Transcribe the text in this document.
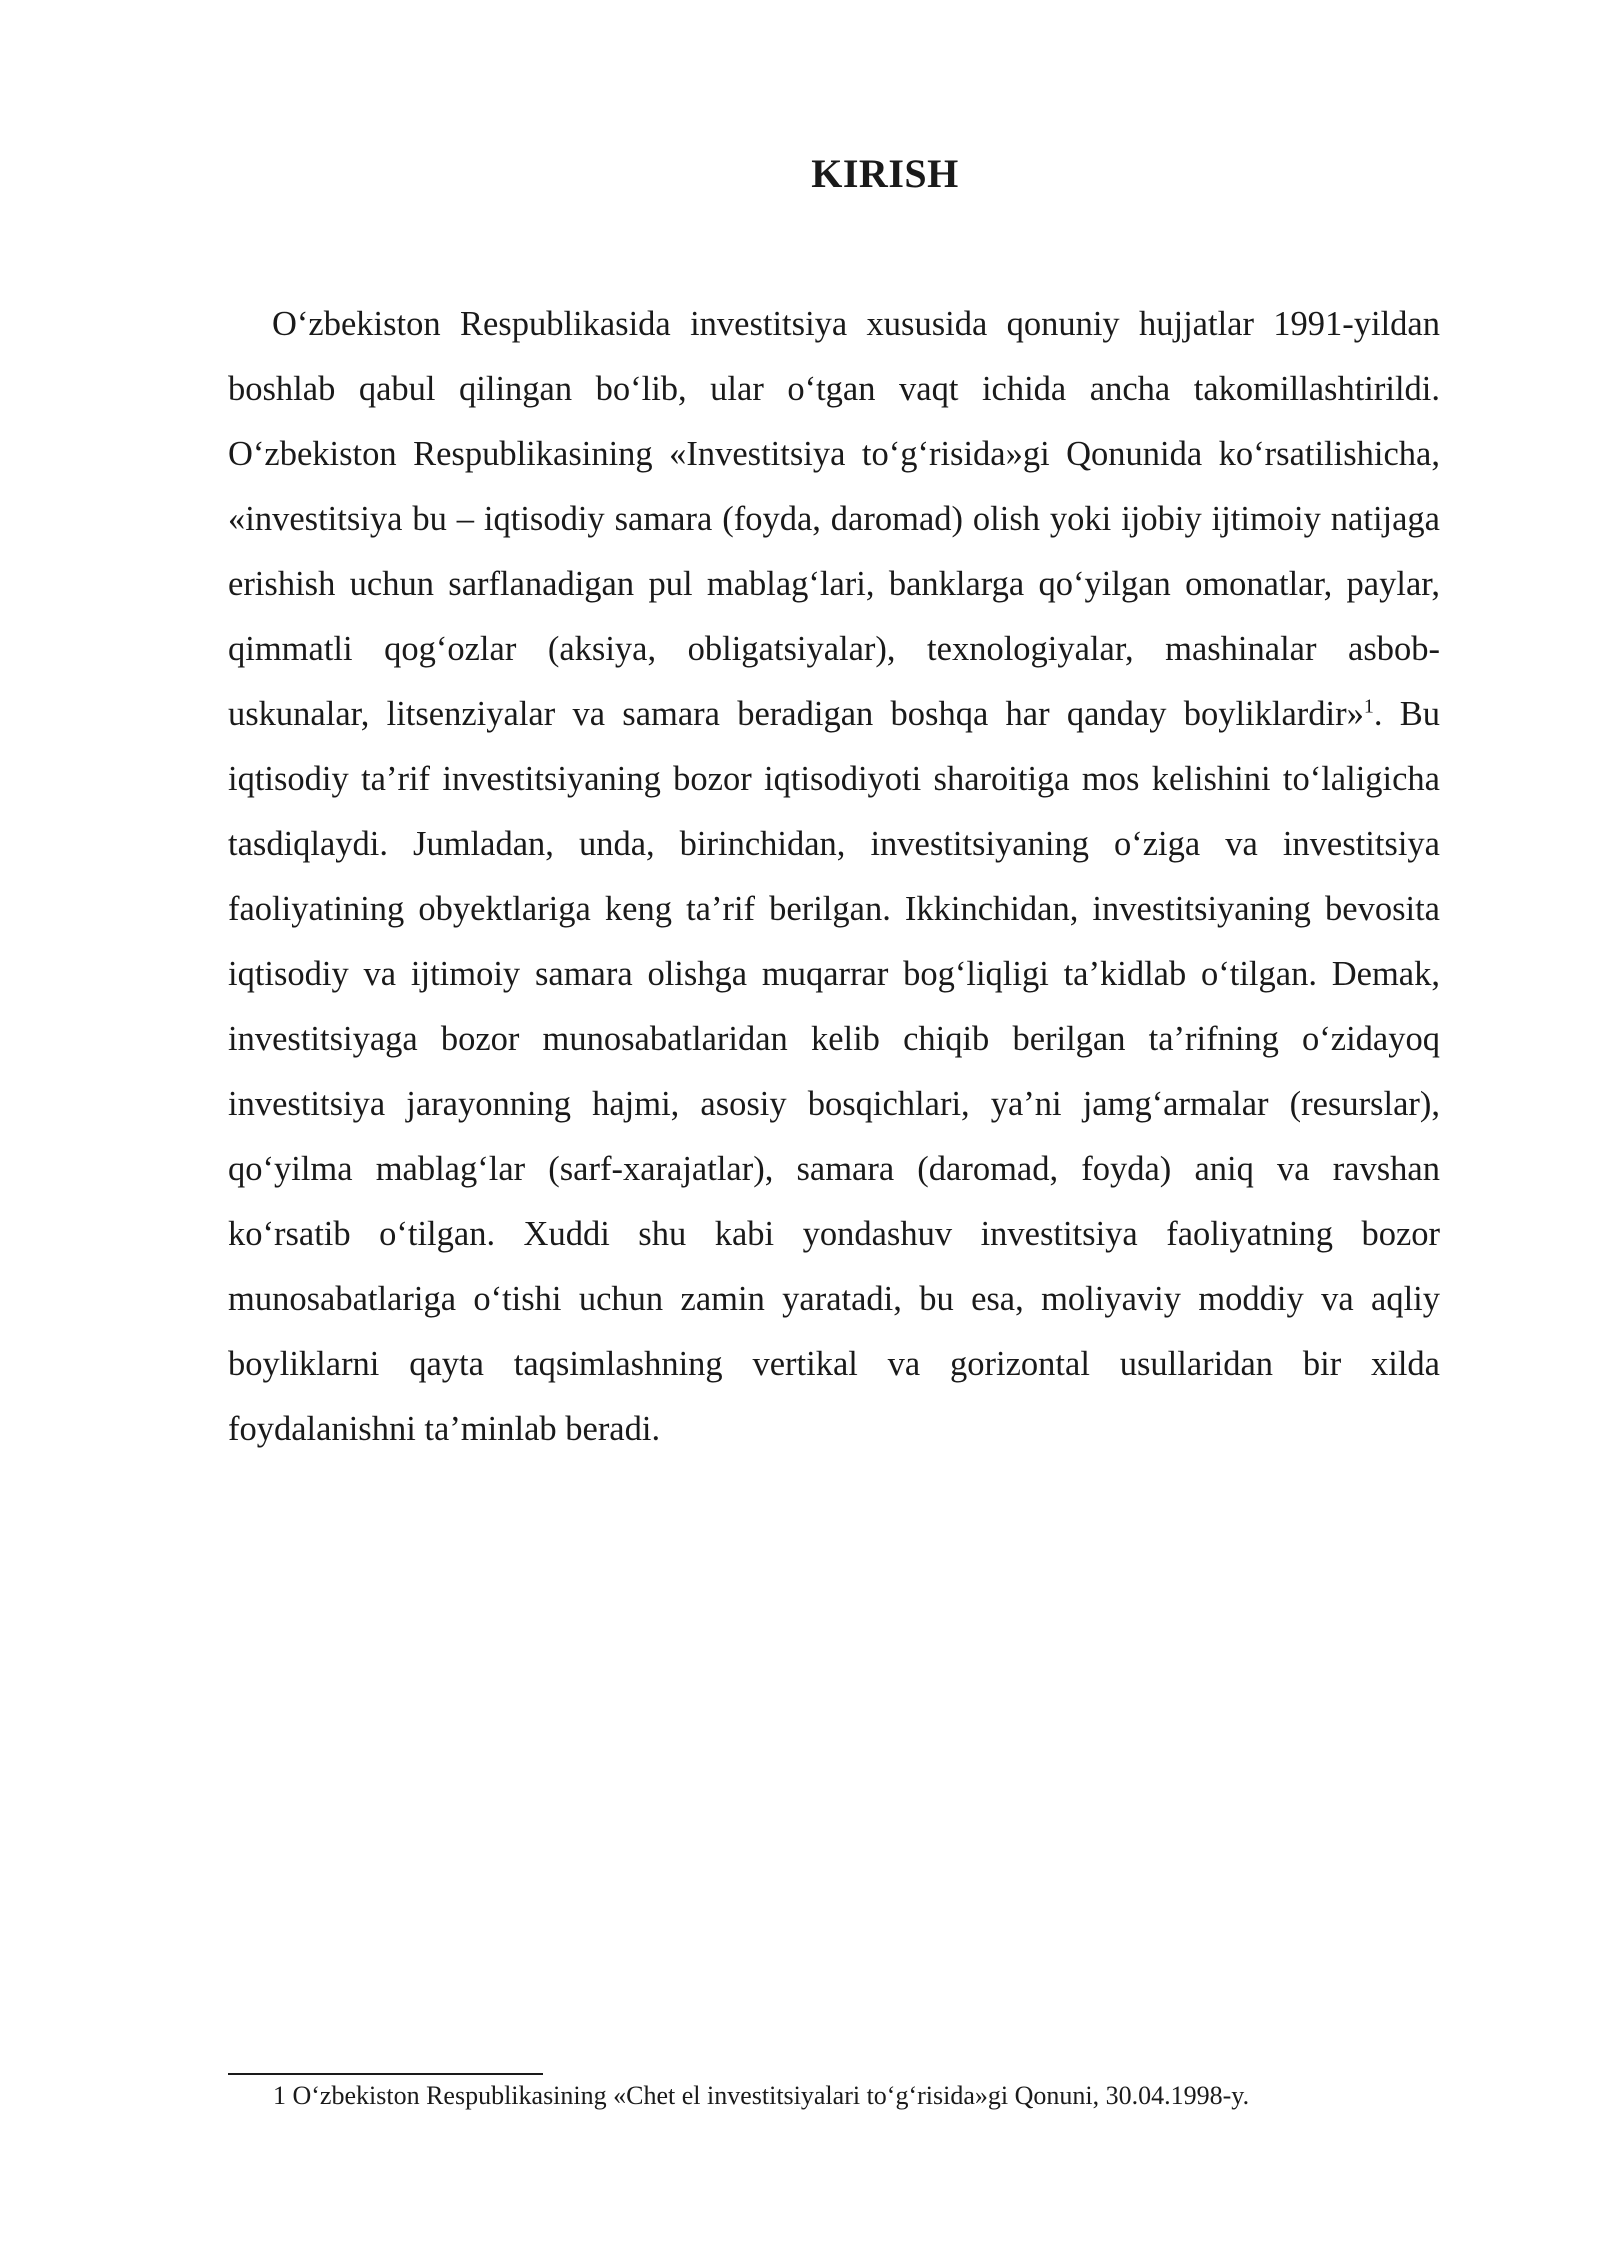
KIRISH

O‘zbekiston Respublikasida investitsiya xususida qonuniy hujjatlar 1991-yildan boshlab qabul qilingan bo‘lib, ular o‘tgan vaqt ichida ancha takomillashtirildi. O‘zbekiston Respublikasining «Investitsiya to‘g‘risida»gi Qonunida ko‘rsatilishicha, «investitsiya bu – iqtisodiy samara (foyda, daromad) olish yoki ijobiy ijtimoiy natijaga erishish uchun sarflanadigan pul mablag‘lari, banklarga qo‘yilgan omonatlar, paylar, qimmatli qog‘ozlar (aksiya, obligatsiyalar), texnologiyalar, mashinalar asbob-uskunalar, litsenziyalar va samara beradigan boshqa har qanday boyliklardir»$^1$. Bu iqtisodiy ta’rif investitsiyaning bozor iqtisodiyoti sharoitiga mos kelishini to‘laligicha tasdiqlaydi. Jumladan, unda, birinchidan, investitsiyaning o‘ziga va investitsiya faoliyatining obyektlariga keng ta’rif berilgan. Ikkinchidan, investitsiyaning bevosita iqtisodiy va ijtimoiy samara olishga muqarrar bog‘liqligi ta’kidlab o‘tilgan. Demak, investitsiyaga bozor munosabatlaridan kelib chiqib berilgan ta’rifning o‘zidayoq investitsiya jarayonning hajmi, asosiy bosqichlari, ya’ni jamg‘armalar (resurslar), qo‘yilma mablag‘lar (sarf-xarajatlar), samara (daromad, foyda) aniq va ravshan ko‘rsatib o‘tilgan. Xuddi shu kabi yondashuv investitsiya faoliyatning bozor munosabatlariga o‘tishi uchun zamin yaratadi, bu esa, moliyaviy moddiy va aqliy boyliklarni qayta taqsimlashning vertikal va gorizontal usullaridan bir xilda foydalanishni ta’minlab beradi.

1 O‘zbekiston Respublikasining «Chet el investitsiyalari to‘g‘risida»gi Qonuni, 30.04.1998-y.
